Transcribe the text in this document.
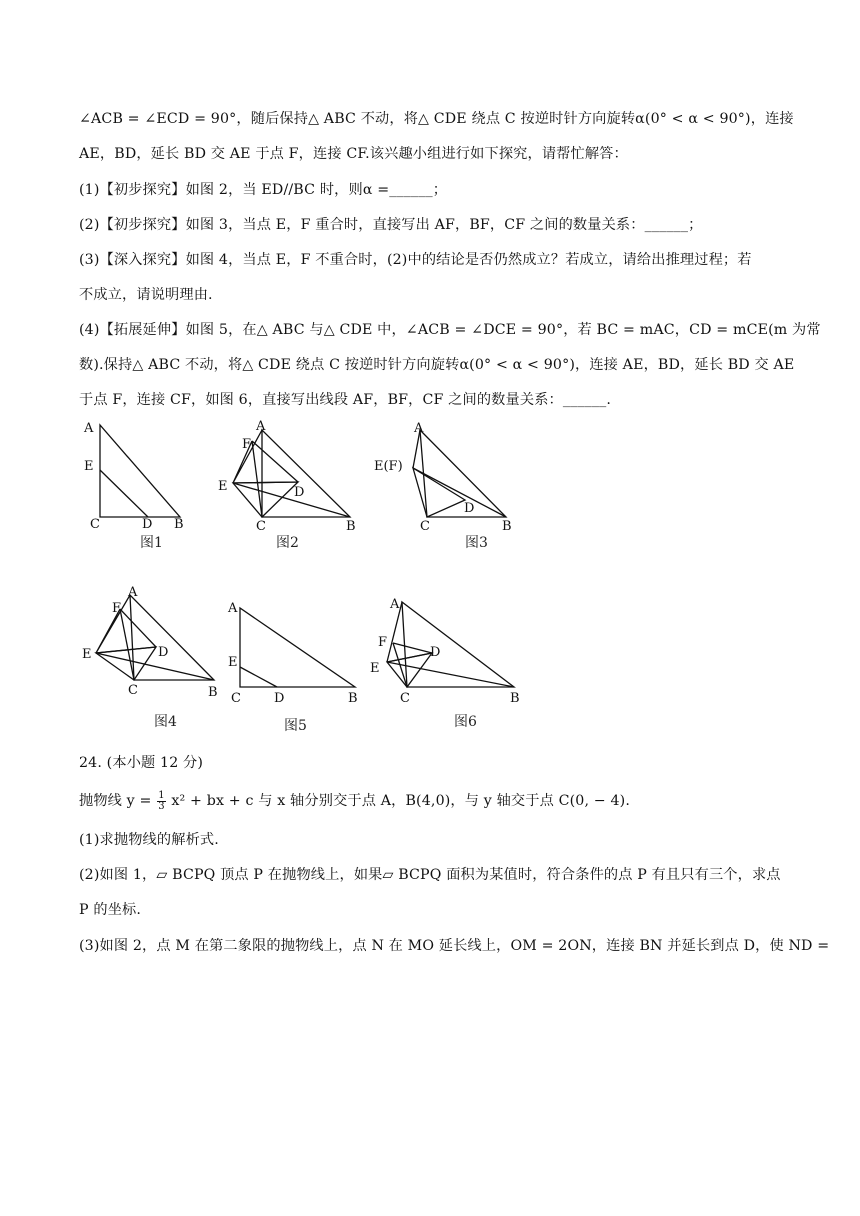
∠ACB = ∠ECD = 90°，随后保持△ ABC 不动，将△ CDE 绕点 C 按逆时针方向旋转α(0° < α < 90°)，连接
AE，BD，延长 BD 交 AE 于点 F，连接 CF.该兴趣小组进行如下探究，请帮忙解答：
(1)【初步探究】如图 2，当 ED//BC 时，则α =______；
(2)【初步探究】如图 3，当点 E，F 重合时，直接写出 AF，BF，CF 之间的数量关系：______；
(3)【深入探究】如图 4，当点 E，F 不重合时，(2)中的结论是否仍然成立？若成立，请给出推理过程；若
不成立，请说明理由.
(4)【拓展延伸】如图 5，在△ ABC 与△ CDE 中，∠ACB = ∠DCE = 90°，若 BC = mAC，CD = mCE(m 为常
数).保持△ ABC 不动，将△ CDE 绕点 C 按逆时针方向旋转α(0° < α < 90°)，连接 AE，BD，延长 BD 交 AE
于点 F，连接 CF，如图 6，直接写出线段 AF，BF，CF 之间的数量关系：______.
A
E
C	D B
A
F
E	D
C	B
A
E(F)
D
C	B
A
F
E	D
C	B
A
E
C	D	B
A
F
E
D
C	B
图1	图2	图3
图4	图5	图6
24. (本小题 12 分)
抛物线 $y = \frac{1}{3} x^2$ + bx + c 与 x 轴分别交于点 A，B(4,0)，与 y 轴交于点 C(0, − 4).
(1)求抛物线的解析式.
(2)如图 1，▱ BCPQ 顶点 P 在抛物线上，如果▱ BCPQ 面积为某值时，符合条件的点 P 有且只有三个，求点
P 的坐标.
(3)如图 2，点 M 在第二象限的抛物线上，点 N 在 MO 延长线上，OM = 2ON，连接 BN 并延长到点 D，使 ND =
